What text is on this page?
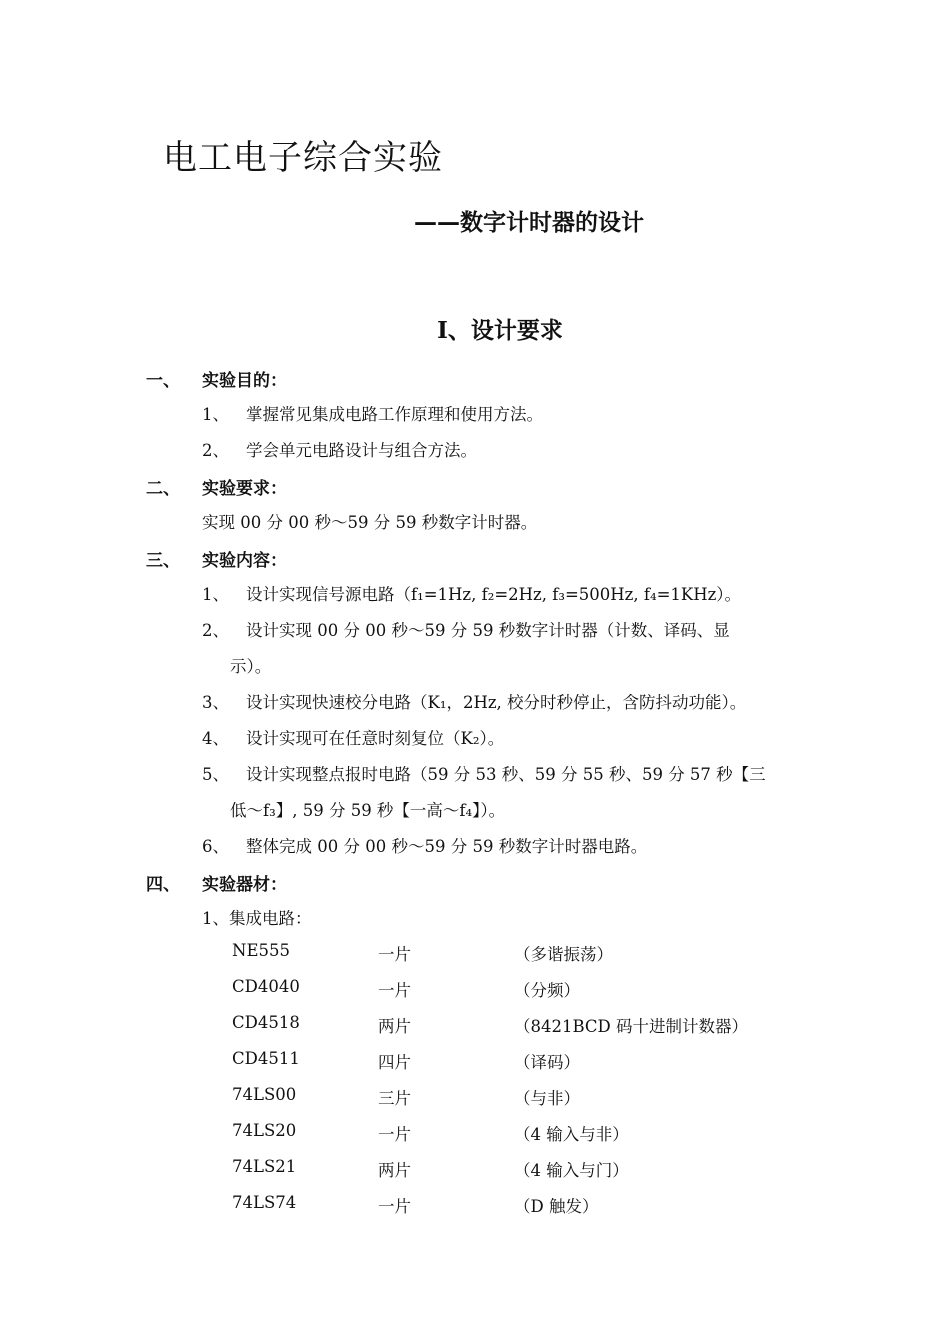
电工电子综合实验
——数字计时器的设计
Ⅰ、设计要求
一、 实验目的：
1、 掌握常见集成电路工作原理和使用方法。
2、 学会单元电路设计与组合方法。
二、 实验要求：
实现 00 分 00 秒～59 分 59 秒数字计时器。
三、 实验内容：
1、 设计实现信号源电路（f₁=1Hz, f₂=2Hz, f₃=500Hz, f₄=1KHz）。
2、 设计实现 00 分 00 秒～59 分 59 秒数字计时器（计数、译码、显
示）。
3、 设计实现快速校分电路（K₁，2Hz, 校分时秒停止，含防抖动功能）。
4、 设计实现可在任意时刻复位（K₂）。
5、 设计实现整点报时电路（59 分 53 秒、59 分 55 秒、59 分 57 秒【三
低～f₃】, 59 分 59 秒【一高～f₄】）。
6、 整体完成 00 分 00 秒～59 分 59 秒数字计时器电路。
四、 实验器材：
1、集成电路：
NE555	一片	（多谐振荡）
CD4040	一片	（分频）
CD4518	两片	（8421BCD 码十进制计数器）
CD4511	四片	（译码）
74LS00	三片	（与非）
74LS20	一片	（4 输入与非）
74LS21	两片	（4 输入与门）
74LS74	一片	（D 触发）
